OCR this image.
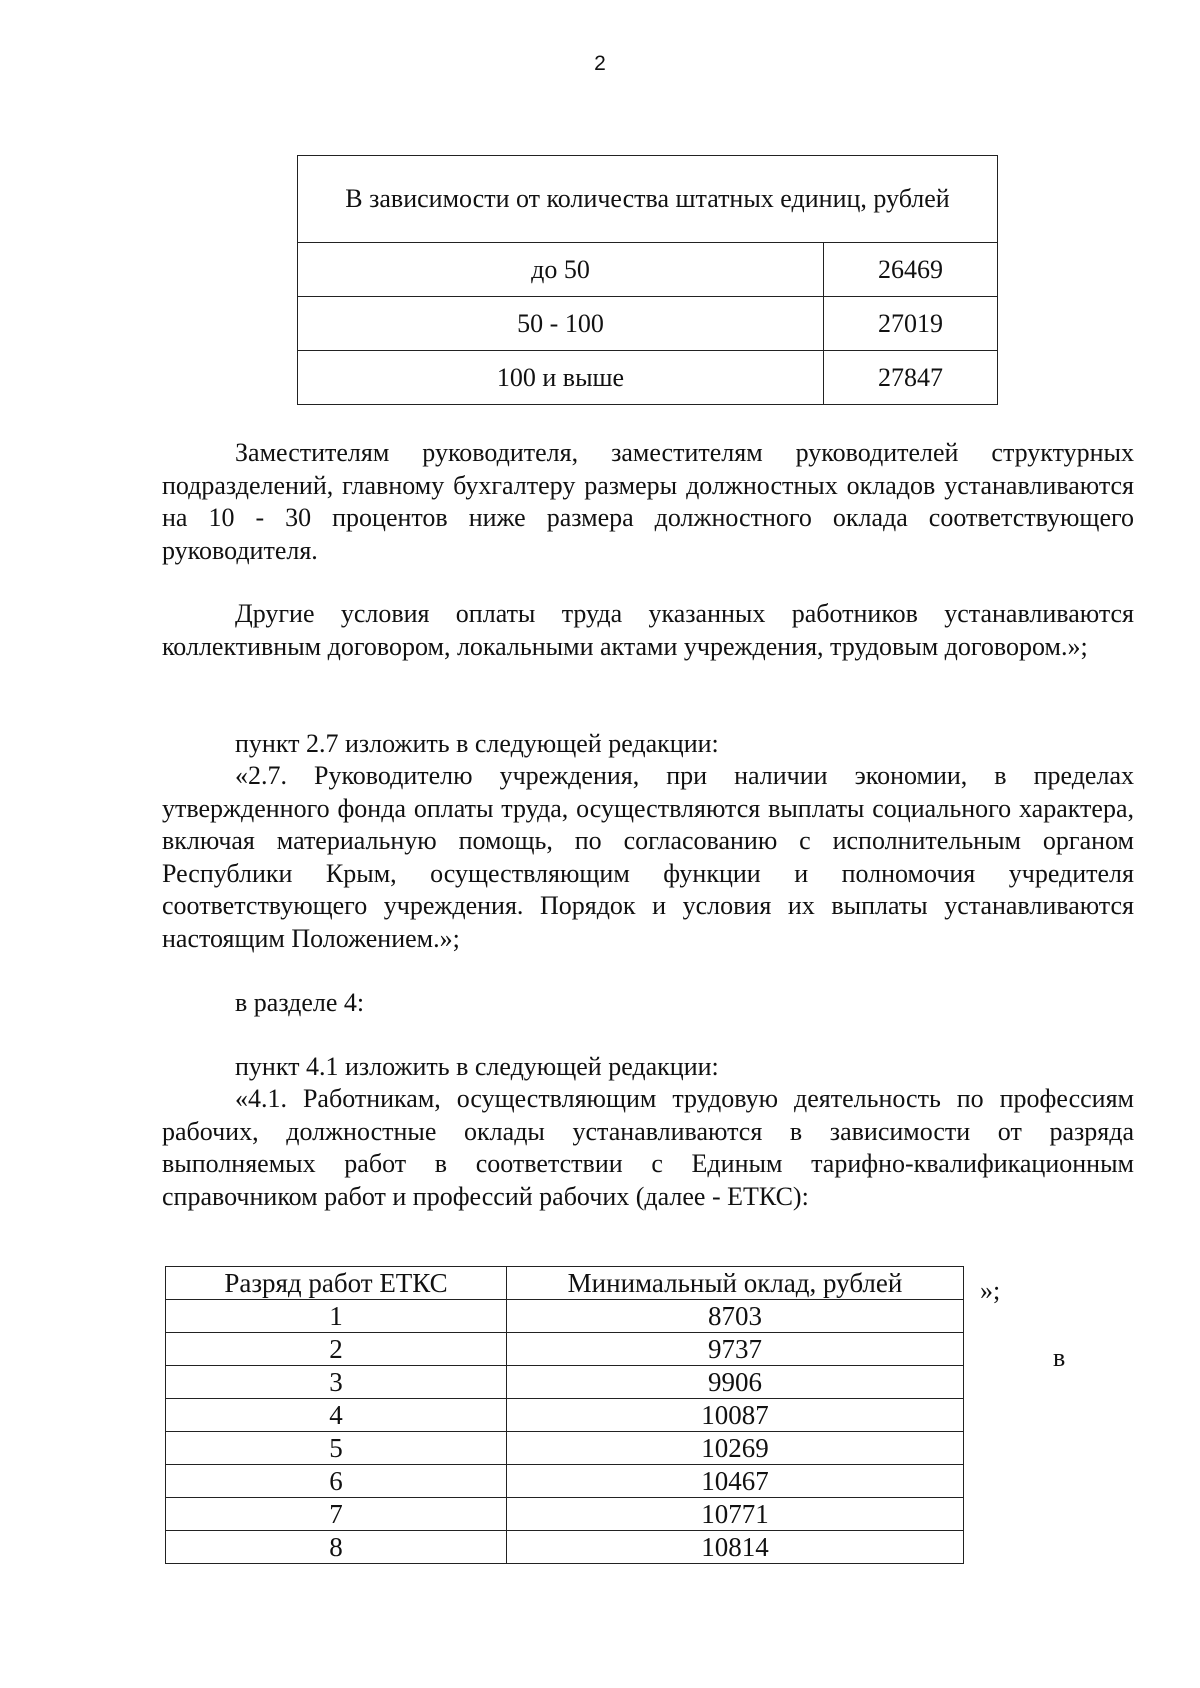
2
В зависимости от количества штатных единиц, рублей	
до 50	26469
50 - 100	27019
100 и выше	27847

Заместителям руководителя, заместителям руководителей структурных подразделений, главному бухгалтеру размеры должностных окладов устанавливаются на 10 - 30 процентов ниже размера должностного оклада соответствующего руководителя.

Другие условия оплаты труда указанных работников устанавливаются коллективным договором, локальными актами учреждения, трудовым договором.»;

пункт 2.7 изложить в следующей редакции:

«2.7. Руководителю учреждения, при наличии экономии, в пределах утвержденного фонда оплаты труда, осуществляются выплаты социального характера, включая материальную помощь, по согласованию с исполнительным органом Республики Крым, осуществляющим функции и полномочия учредителя соответствующего учреждения. Порядок и условия их выплаты устанавливаются настоящим Положением.»;

в разделе 4:

пункт 4.1 изложить в следующей редакции:

«4.1. Работникам, осуществляющим трудовую деятельность по профессиям рабочих, должностные оклады устанавливаются в зависимости от разряда выполняемых работ в соответствии с Единым тарифно-квалификационным справочником работ и профессий рабочих (далее - ЕТКС):

Разряд работ ЕТКС	Минимальный оклад, рублей
1	8703
2	9737
3	9906
4	10087
5	10269
6	10467
7	10771
8	10814
»;
в
